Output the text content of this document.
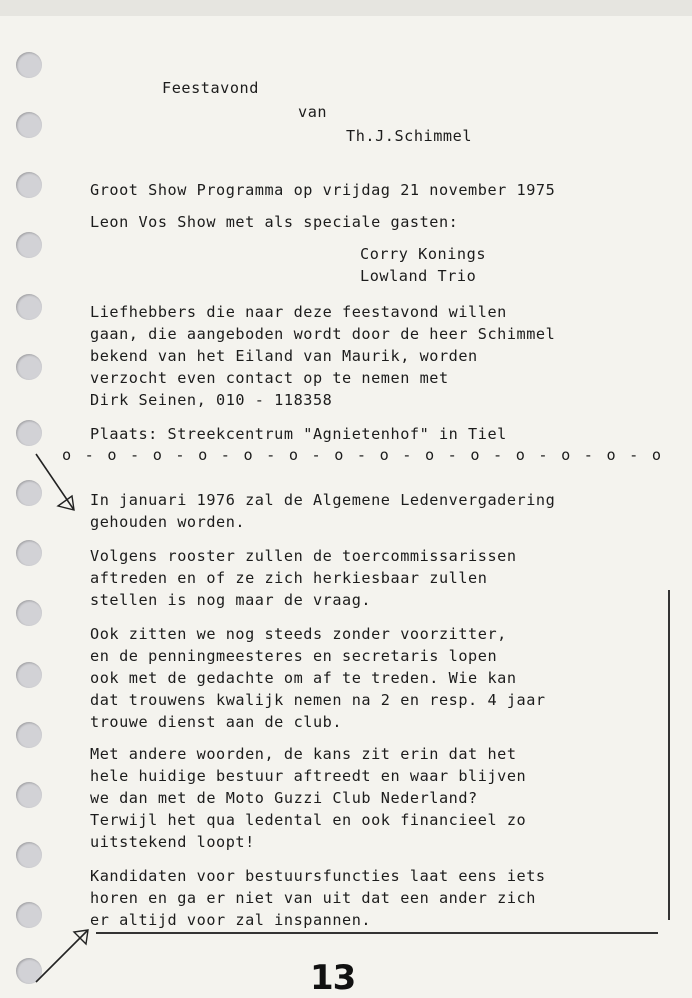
Feestavond
van
Th.J.Schimmel
Groot Show Programma op vrijdag 21 november 1975
Leon Vos Show met als speciale gasten:
Corry Konings
Lowland Trio
Liefhebbers die naar deze feestavond willen
gaan, die aangeboden wordt door de heer Schimmel
bekend van het Eiland van Maurik, worden
verzocht even contact op te nemen met
Dirk Seinen, 010 - 118358
Plaats: Streekcentrum "Agnietenhof" in Tiel
o - o - o - o - o - o - o - o - o - o - o - o - o - o
In januari 1976 zal de Algemene Ledenvergadering
gehouden worden.
Volgens rooster zullen de toercommissarissen
aftreden en of ze zich herkiesbaar zullen
stellen is nog maar de vraag.
Ook zitten we nog steeds zonder voorzitter,
en de penningmeesteres en secretaris lopen
ook met de gedachte om af te treden. Wie kan
dat trouwens kwalijk nemen na 2 en resp. 4 jaar
trouwe dienst aan de club.
Met andere woorden, de kans zit erin dat het
hele huidige bestuur aftreedt en waar blijven
we dan met de Moto Guzzi Club Nederland?
Terwijl het qua ledental en ook financieel zo
uitstekend loopt!
Kandidaten voor bestuursfuncties laat eens iets
horen en ga er niet van uit dat een ander zich
er altijd voor zal inspannen.
13
